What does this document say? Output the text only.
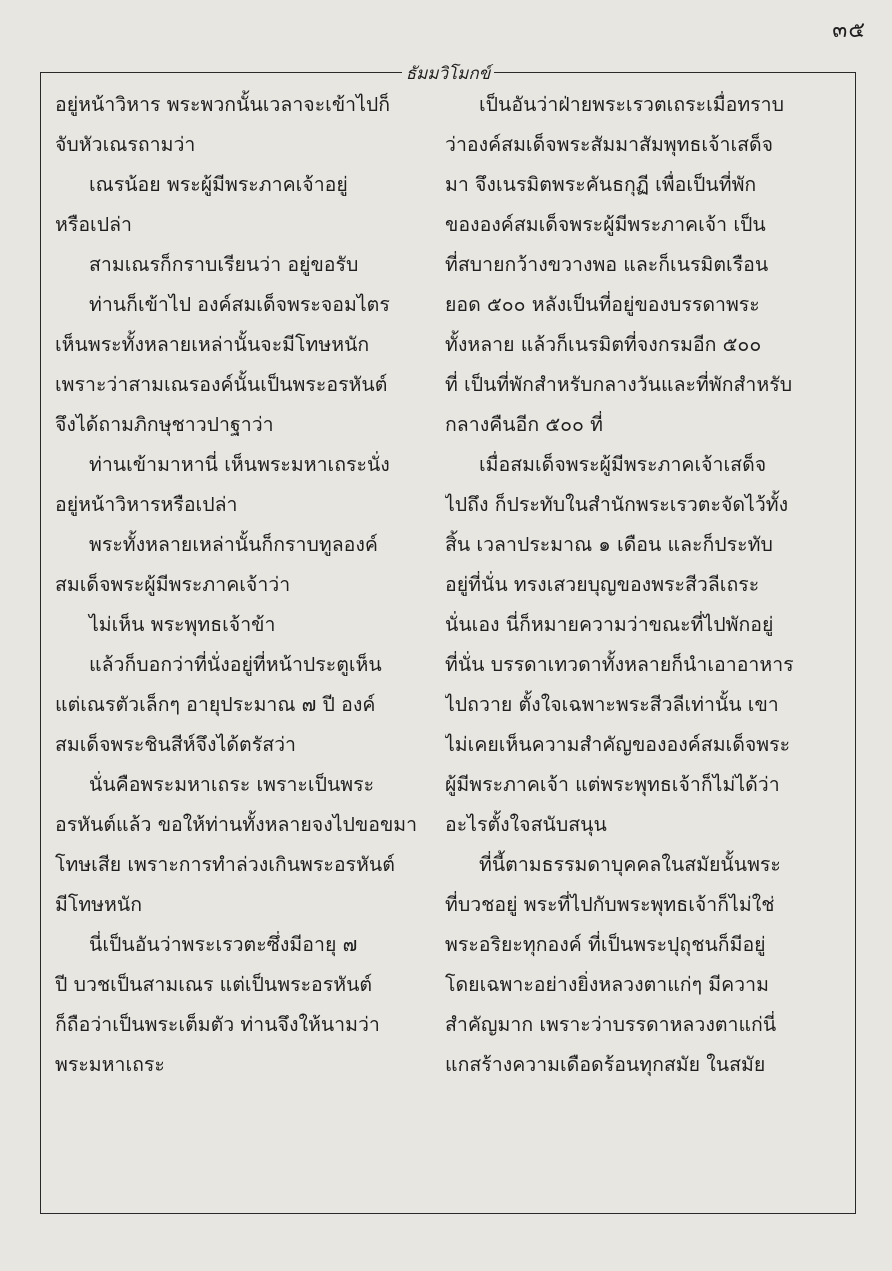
๓๕
ธัมมวิโมกข์
อยู่หน้าวิหาร พระพวกนั้นเวลาจะเข้าไปก็
จับหัวเณรถามว่า
เณรน้อย พระผู้มีพระภาคเจ้าอยู่
หรือเปล่า
สามเณรก็กราบเรียนว่า อยู่ขอรับ
ท่านก็เข้าไป องค์สมเด็จพระจอมไตร
เห็นพระทั้งหลายเหล่านั้นจะมีโทษหนัก
เพราะว่าสามเณรองค์นั้นเป็นพระอรหันต์
จึงได้ถามภิกษุชาวปาฐาว่า
ท่านเข้ามาหานี่ เห็นพระมหาเถระนั่ง
อยู่หน้าวิหารหรือเปล่า
พระทั้งหลายเหล่านั้นก็กราบทูลองค์
สมเด็จพระผู้มีพระภาคเจ้าว่า
ไม่เห็น พระพุทธเจ้าข้า
แล้วก็บอกว่าที่นั่งอยู่ที่หน้าประตูเห็น
แต่เณรตัวเล็กๆ อายุประมาณ ๗ ปี องค์
สมเด็จพระชินสีห์จึงได้ตรัสว่า
นั่นคือพระมหาเถระ เพราะเป็นพระ
อรหันต์แล้ว ขอให้ท่านทั้งหลายจงไปขอขมา
โทษเสีย เพราะการทำล่วงเกินพระอรหันต์
มีโทษหนัก
นี่เป็นอันว่าพระเรวตะซึ่งมีอายุ ๗
ปี บวชเป็นสามเณร แต่เป็นพระอรหันต์
ก็ถือว่าเป็นพระเต็มตัว ท่านจึงให้นามว่า
พระมหาเถระ
เป็นอันว่าฝ่ายพระเรวตเถระเมื่อทราบ
ว่าองค์สมเด็จพระสัมมาสัมพุทธเจ้าเสด็จ
มา จึงเนรมิตพระคันธกุฏี เพื่อเป็นที่พัก
ขององค์สมเด็จพระผู้มีพระภาคเจ้า เป็น
ที่สบายกว้างขวางพอ และก็เนรมิตเรือน
ยอด ๕๐๐ หลังเป็นที่อยู่ของบรรดาพระ
ทั้งหลาย แล้วก็เนรมิตที่จงกรมอีก ๕๐๐
ที่ เป็นที่พักสำหรับกลางวันและที่พักสำหรับ
กลางคืนอีก ๕๐๐ ที่
เมื่อสมเด็จพระผู้มีพระภาคเจ้าเสด็จ
ไปถึง ก็ประทับในสำนักพระเรวตะจัดไว้ทั้ง
สิ้น เวลาประมาณ ๑ เดือน และก็ประทับ
อยู่ที่นั่น ทรงเสวยบุญของพระสีวลีเถระ
นั่นเอง นี่ก็หมายความว่าขณะที่ไปพักอยู่
ที่นั่น บรรดาเทวดาทั้งหลายก็นำเอาอาหาร
ไปถวาย ตั้งใจเฉพาะพระสีวลีเท่านั้น เขา
ไม่เคยเห็นความสำคัญขององค์สมเด็จพระ
ผู้มีพระภาคเจ้า แต่พระพุทธเจ้าก็ไม่ได้ว่า
อะไรตั้งใจสนับสนุน
ที่นี้ตามธรรมดาบุคคลในสมัยนั้นพระ
ที่บวชอยู่ พระที่ไปกับพระพุทธเจ้าก็ไม่ใช่
พระอริยะทุกองค์ ที่เป็นพระปุถุชนก็มีอยู่
โดยเฉพาะอย่างยิ่งหลวงตาแก่ๆ มีความ
สำคัญมาก เพราะว่าบรรดาหลวงตาแก่นี่
แกสร้างความเดือดร้อนทุกสมัย ในสมัย
